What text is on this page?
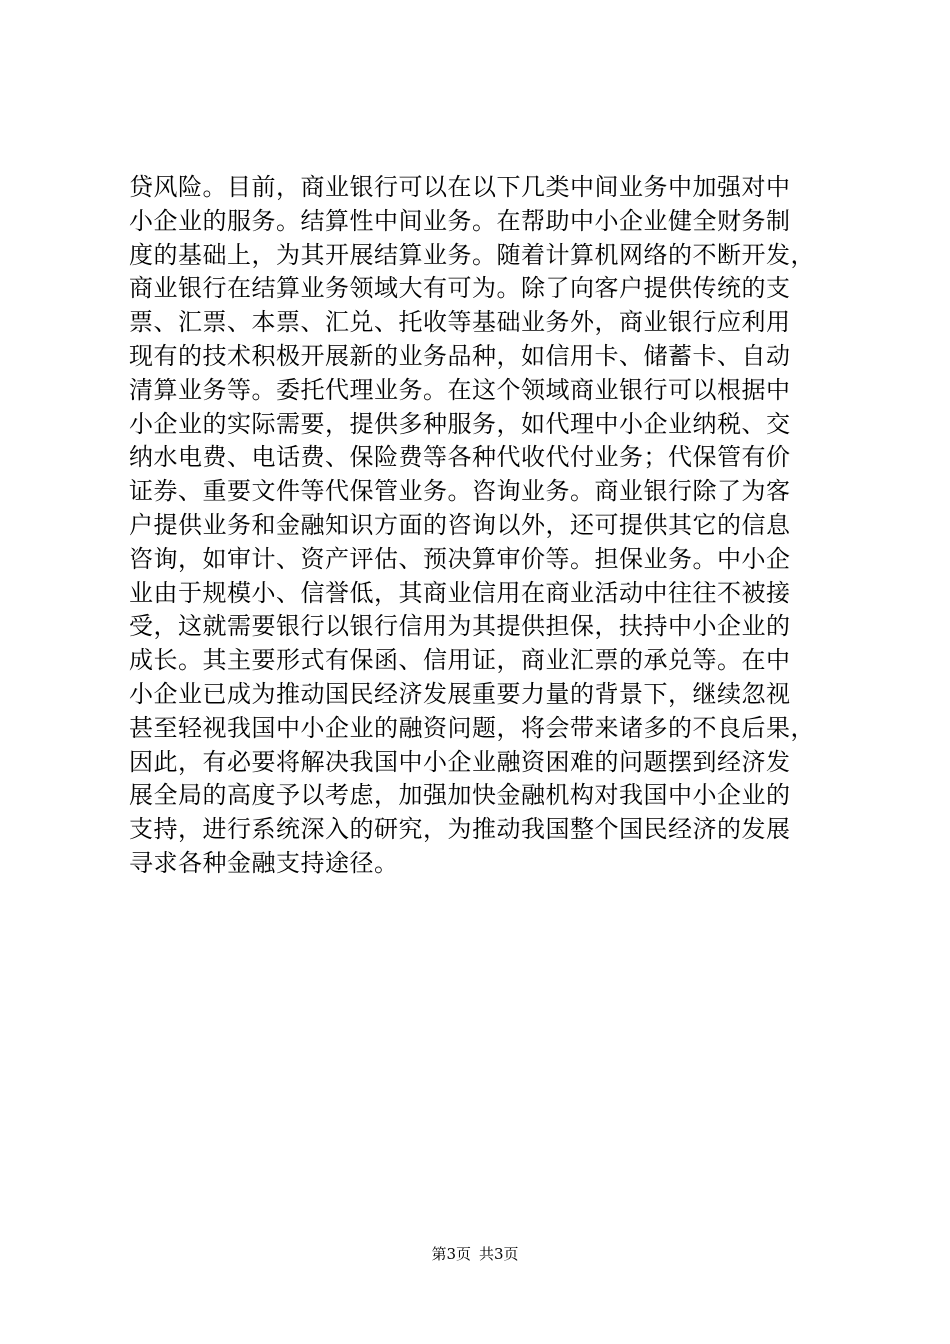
贷风险。目前，商业银行可以在以下几类中间业务中加强对中
小企业的服务。结算性中间业务。在帮助中小企业健全财务制
度的基础上，为其开展结算业务。随着计算机网络的不断开发，
商业银行在结算业务领域大有可为。除了向客户提供传统的支
票、汇票、本票、汇兑、托收等基础业务外，商业银行应利用
现有的技术积极开展新的业务品种，如信用卡、储蓄卡、自动
清算业务等。委托代理业务。在这个领域商业银行可以根据中
小企业的实际需要，提供多种服务，如代理中小企业纳税、交
纳水电费、电话费、保险费等各种代收代付业务；代保管有价
证券、重要文件等代保管业务。咨询业务。商业银行除了为客
户提供业务和金融知识方面的咨询以外，还可提供其它的信息
咨询，如审计、资产评估、预决算审价等。担保业务。中小企
业由于规模小、信誉低，其商业信用在商业活动中往往不被接
受，这就需要银行以银行信用为其提供担保，扶持中小企业的
成长。其主要形式有保函、信用证，商业汇票的承兑等。在中
小企业已成为推动国民经济发展重要力量的背景下，继续忽视
甚至轻视我国中小企业的融资问题，将会带来诸多的不良后果，
因此，有必要将解决我国中小企业融资困难的问题摆到经济发
展全局的高度予以考虑，加强加快金融机构对我国中小企业的
支持，进行系统深入的研究，为推动我国整个国民经济的发展
寻求各种金融支持途径。
第3页 共3页
